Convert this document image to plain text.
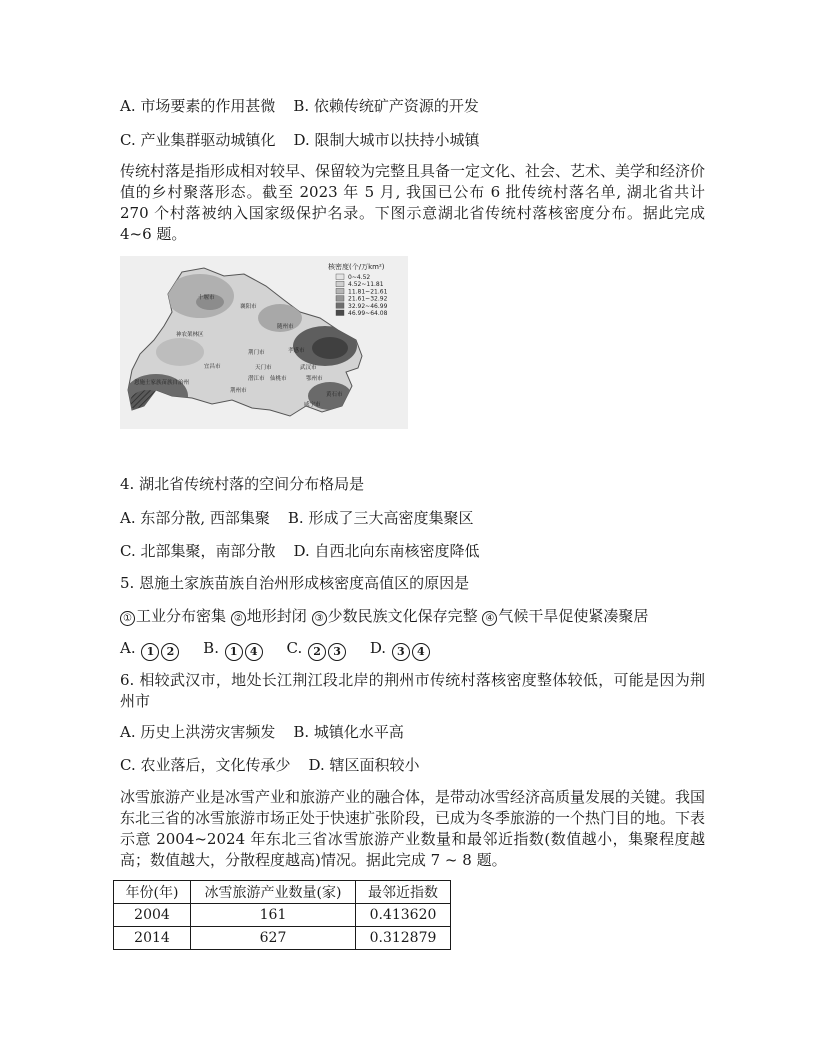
A. 市场要素的作用甚微 B. 依赖传统矿产资源的开发
C. 产业集群驱动城镇化 D. 限制大城市以扶持小城镇
传统村落是指形成相对较早、保留较为完整且具备一定文化、社会、艺术、美学和经济价值的乡村聚落形态。截至 2023 年 5 月, 我国已公布 6 批传统村落名单, 湖北省共计 270 个村落被纳入国家级保护名录。下图示意湖北省传统村落核密度分布。据此完成 4~6 题。
十堰市
襄阳市
神农架林区
随州市
荆门市	孝感市
宜昌市	天门市	武汉市
恩施土家族苗族自治州
潜江市 仙桃市
荆州市
鄂州市
黄石市
咸宁市
核密度(个/万km²)
0~4.52
4.52~11.81
11.81~21.61
21.61~32.92
32.92~46.99
46.99~64.08
4. 湖北省传统村落的空间分布格局是
A. 东部分散, 西部集聚 B. 形成了三大高密度集聚区
C. 北部集聚，南部分散 D. 自西北向东南核密度降低
5. 恩施土家族苗族自治州形成核密度高值区的原因是
① 工业分布密集 ② 地形封闭 ③ 少数民族文化保存完整 ④ 气候干旱促使紧凑聚居
A. 1 2 B. 1 4 C. 2 3 D. 3 4
6. 相较武汉市，地处长江荆江段北岸的荆州市传统村落核密度整体较低，可能是因为荆州市
A. 历史上洪涝灾害频发 B. 城镇化水平高
C. 农业落后，文化传承少 D. 辖区面积较小
冰雪旅游产业是冰雪产业和旅游产业的融合体，是带动冰雪经济高质量发展的关键。我国东北三省的冰雪旅游市场正处于快速扩张阶段，已成为冬季旅游的一个热门目的地。下表示意 2004~2024 年东北三省冰雪旅游产业数量和最邻近指数(数值越小，集聚程度越高；数值越大，分散程度越高)情况。据此完成 7 ~ 8 题。
年份(年)	冰雪旅游产业数量(家)	最邻近指数
2004	161	0.413620
2014	627	0.312879
